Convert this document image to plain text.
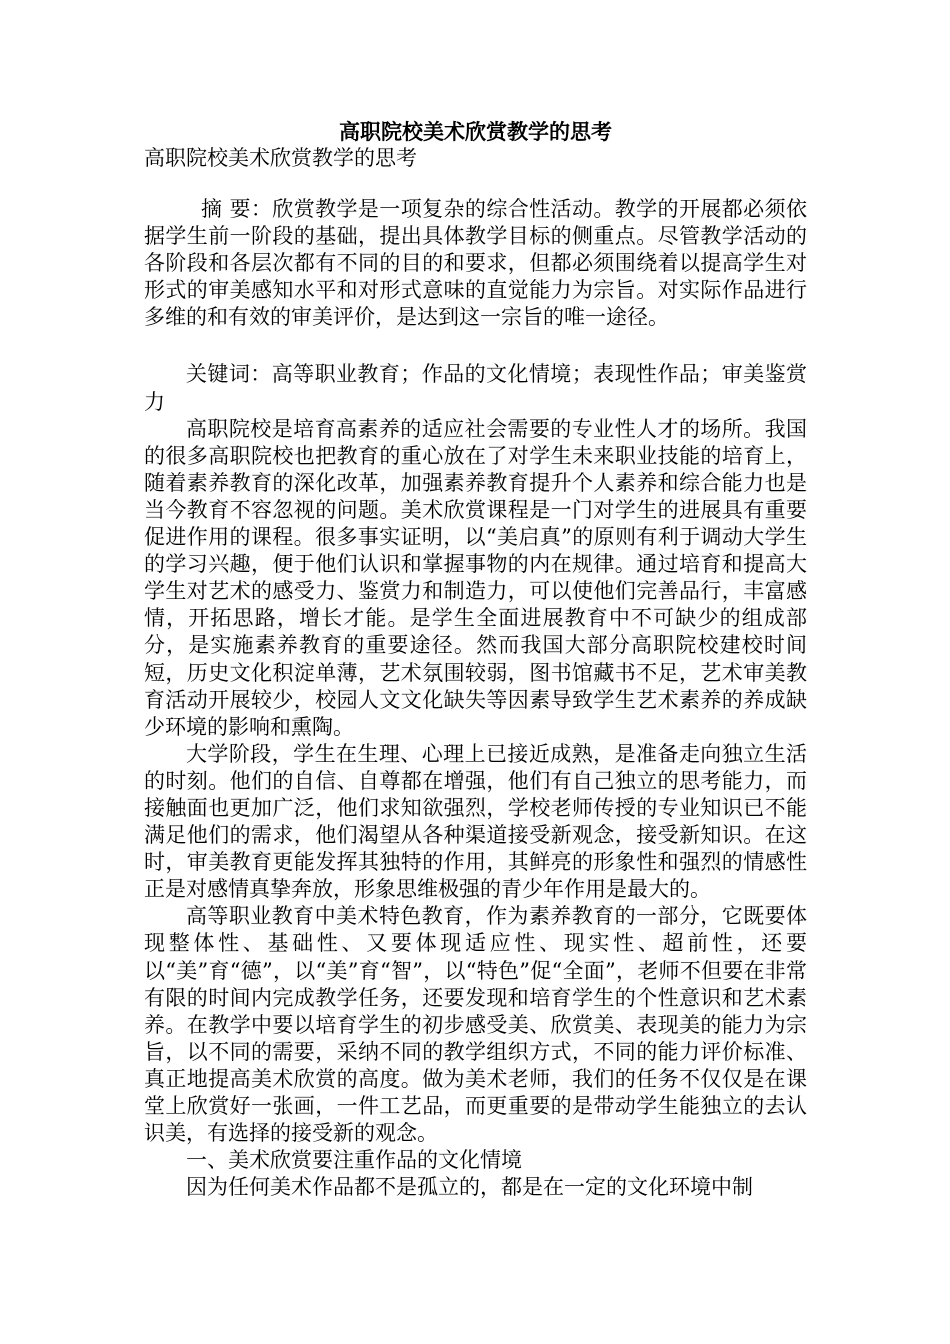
高职院校美术欣赏教学的思考
高职院校美术欣赏教学的思考

摘 要：欣赏教学是一项复杂的综合性活动。教学的开展都必须依据学生前一阶段的基础，提出具体教学目标的侧重点。尽管教学活动的各阶段和各层次都有不同的目的和要求，但都必须围绕着以提高学生对形式的审美感知水平和对形式意味的直觉能力为宗旨。对实际作品进行多维的和有效的审美评价，是达到这一宗旨的唯一途径。

关键词：高等职业教育；作品的文化情境；表现性作品；审美鉴赏力

高职院校是培育高素养的适应社会需要的专业性人才的场所。我国的很多高职院校也把教育的重心放在了对学生未来职业技能的培育上，随着素养教育的深化改革，加强素养教育提升个人素养和综合能力也是当今教育不容忽视的问题。美术欣赏课程是一门对学生的进展具有重要促进作用的课程。很多事实证明，以“美启真”的原则有利于调动大学生的学习兴趣，便于他们认识和掌握事物的内在规律。通过培育和提高大学生对艺术的感受力、鉴赏力和制造力，可以使他们完善品行，丰富感情，开拓思路，增长才能。是学生全面进展教育中不可缺少的组成部分，是实施素养教育的重要途径。然而我国大部分高职院校建校时间短，历史文化积淀单薄，艺术氛围较弱，图书馆藏书不足，艺术审美教育活动开展较少，校园人文文化缺失等因素导致学生艺术素养的养成缺少环境的影响和熏陶。

大学阶段，学生在生理、心理上已接近成熟，是准备走向独立生活的时刻。他们的自信、自尊都在增强，他们有自己独立的思考能力，而接触面也更加广泛，他们求知欲强烈，学校老师传授的专业知识已不能满足他们的需求，他们渴望从各种渠道接受新观念，接受新知识。在这时，审美教育更能发挥其独特的作用，其鲜亮的形象性和强烈的情感性正是对感情真挚奔放，形象思维极强的青少年作用是最大的。

高等职业教育中美术特色教育，作为素养教育的一部分，它既要体现整体性、基础性、又要体现适应性、现实性、超前性，还要以“美”育“德”，以“美”育“智”，以“特色”促“全面”，老师不但要在非常有限的时间内完成教学任务，还要发现和培育学生的个性意识和艺术素养。在教学中要以培育学生的初步感受美、欣赏美、表现美的能力为宗旨，以不同的需要，采纳不同的教学组织方式，不同的能力评价标准、真正地提高美术欣赏的高度。做为美术老师，我们的任务不仅仅是在课堂上欣赏好一张画，一件工艺品，而更重要的是带动学生能独立的去认识美，有选择的接受新的观念。

一、美术欣赏要注重作品的文化情境

因为任何美术作品都不是孤立的，都是在一定的文化环境中制
